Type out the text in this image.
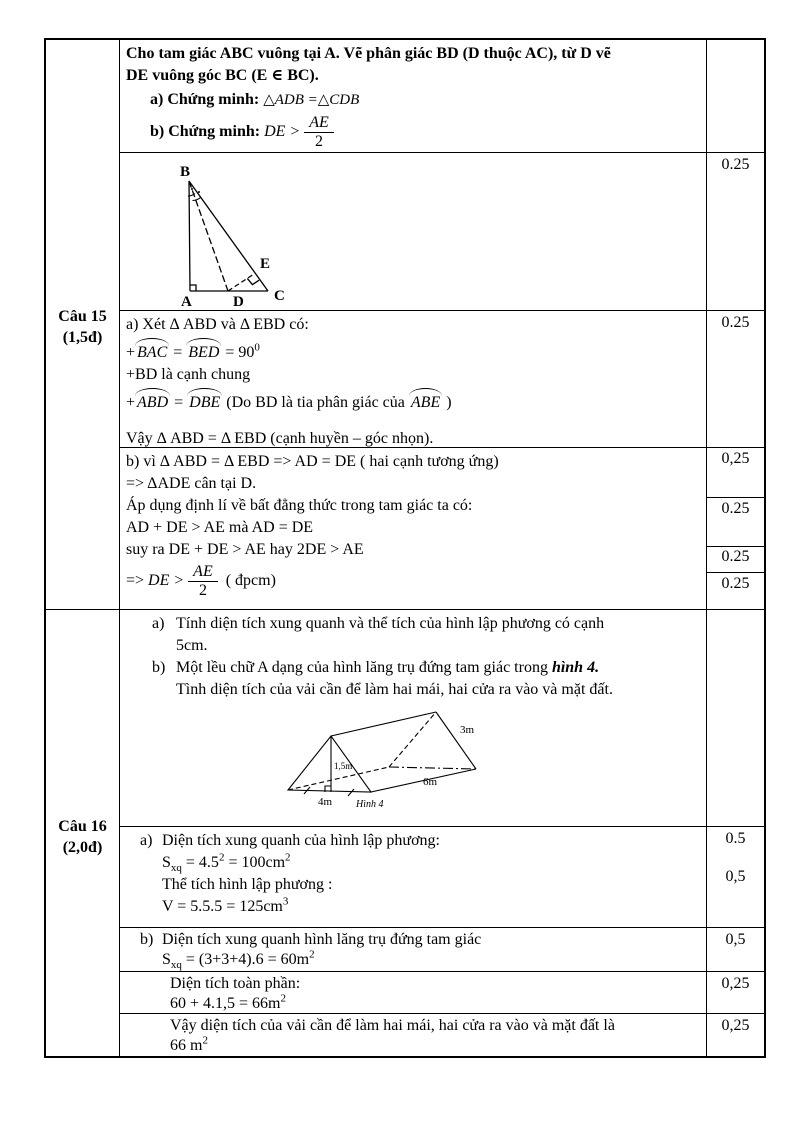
Câu 15
(1,5đ)
Cho tam giác ABC vuông tại A. Vẽ phân giác BD (D thuộc AC), từ D vẽ
DE vuông góc BC (E ∈ BC).
a) Chứng minh: △ADB =△CDB
b) Chứng minh: DE > $\frac{AE}{2}$
B
E
A	D C
0.25
a) Xét Δ ABD và Δ EBD có:
+ BAC = BED = $90^0$
+BD là cạnh chung
+ ABD = DBE (Do BD là tia phân giác của ABE )
Vậy Δ ABD = Δ EBD (cạnh huyền – góc nhọn).
0.25
b) vì Δ ABD = Δ EBD => AD = DE ( hai cạnh tương ứng)
=> ΔADE cân tại D.
Áp dụng định lí về bất đẳng thức trong tam giác ta có:
AD + DE > AE mà AD = DE
suy ra DE + DE > AE hay 2DE > AE
=> DE > $\frac{AE}{2}$ ( đpcm)
0,25
0.25
0.25
0.25
Câu 16
(2,0đ)
a) Tính diện tích xung quanh và thể tích của hình lập phương có cạnh
5cm.
b) Một lều chữ A dạng của hình lăng trụ đứng tam giác trong hình 4.
Tình diện tích của vải cần để làm hai mái, hai cửa ra vào và mặt đất.
1,5m
4m
6m
3m
Hình 4
a) Diện tích xung quanh của hình lập phương:
$S_{xq} = 4.5^2 = 100cm^2$
Thể tích hình lập phương :
$V = 5.5.5 = 125cm^3$
0.5
0,5
b) Diện tích xung quanh hình lăng trụ đứng tam giác
$S_{xq} = (3+3+4).6 = 60m^2$
0,5
Diện tích toàn phần:
$60 + 4.1,5 = 66m^2$
0,25
Vậy diện tích của vải cần để làm hai mái, hai cửa ra vào và mặt đất là
66 $m^2$
0,25
